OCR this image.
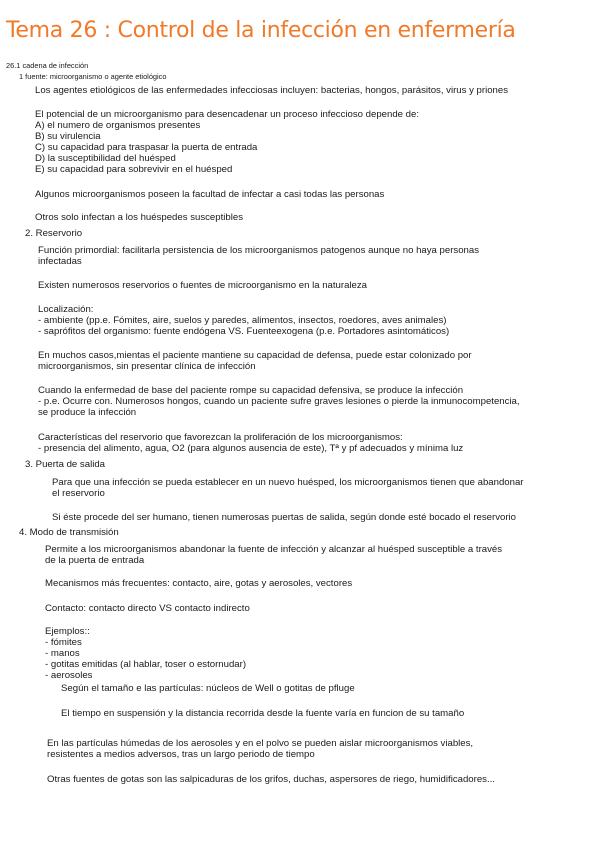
Tema 26 : Control de la infección en enfermería

26.1 cadena de infección

1 fuente: microorganismo o agente etiológico

Los agentes etiológicos de las enfermedades infecciosas incluyen: bacterias, hongos, parásitos, virus y priones

El potencial de un microorganismo para desencadenar un proceso infeccioso depende de:

A) el numero de organismos presentes

B) su virulencia

C) su capacidad para traspasar la puerta de entrada

D) la susceptibilidad del huésped

E) su capacidad para sobrevivir en el huésped

Algunos microorganismos poseen la facultad de infectar a casi todas las personas

Otros solo infectan a los huéspedes susceptibles

2. Reservorio

Función primordial: facilitarla persistencia de los microorganismos patogenos aunque no haya personas

infectadas

Existen numerosos reservorios o fuentes de microorganismo en la naturaleza

Localización:

- ambiente (pp.e. Fómites, aire, suelos y paredes, alimentos, insectos, roedores, aves animales)

- saprófitos del organismo: fuente endógena VS. Fuenteexogena (p.e. Portadores asintomáticos)

En muchos casos,mientas el paciente mantiene su capacidad de defensa, puede estar colonizado por

microorganismos, sin presentar clínica de infección

Cuando la enfermedad de base del paciente rompe su capacidad defensiva, se produce la infección

- p.e. Ocurre con. Numerosos hongos, cuando un paciente sufre graves lesiones o pierde la inmunocompetencia,

se produce la infección

Características del reservorio que favorezcan la proliferación de los microorganismos:

- presencia del alimento, agua, O2 (para algunos ausencia de este), Tª y pf adecuados y mínima luz

3. Puerta de salida

Para que una infección se pueda establecer en un nuevo huésped, los microorganismos tienen que abandonar

el reservorio

Si éste procede del ser humano, tienen numerosas puertas de salida, según donde esté bocado el reservorio

4. Modo de transmisión

Permite a los microorganismos abandonar la fuente de infección y alcanzar al huésped susceptible a través

de la puerta de entrada

Mecanismos más frecuentes: contacto, aire, gotas y aerosoles, vectores

Contacto: contacto directo VS contacto indirecto

Ejemplos::

- fómites

- manos

- gotitas emitidas (al hablar, toser o estornudar)

- aerosoles

Según el tamaño e las partículas: núcleos de Well o gotitas de pfluge

El tiempo en suspensión y la distancia recorrida desde la fuente varía en funcion de su tamaño

En las partículas húmedas de los aerosoles y en el polvo se pueden aislar microorganismos viables,

resistentes a medios adversos, tras un largo periodo de tiempo

Otras fuentes de gotas son las salpicaduras de los grifos, duchas, aspersores de riego, humidificadores...
